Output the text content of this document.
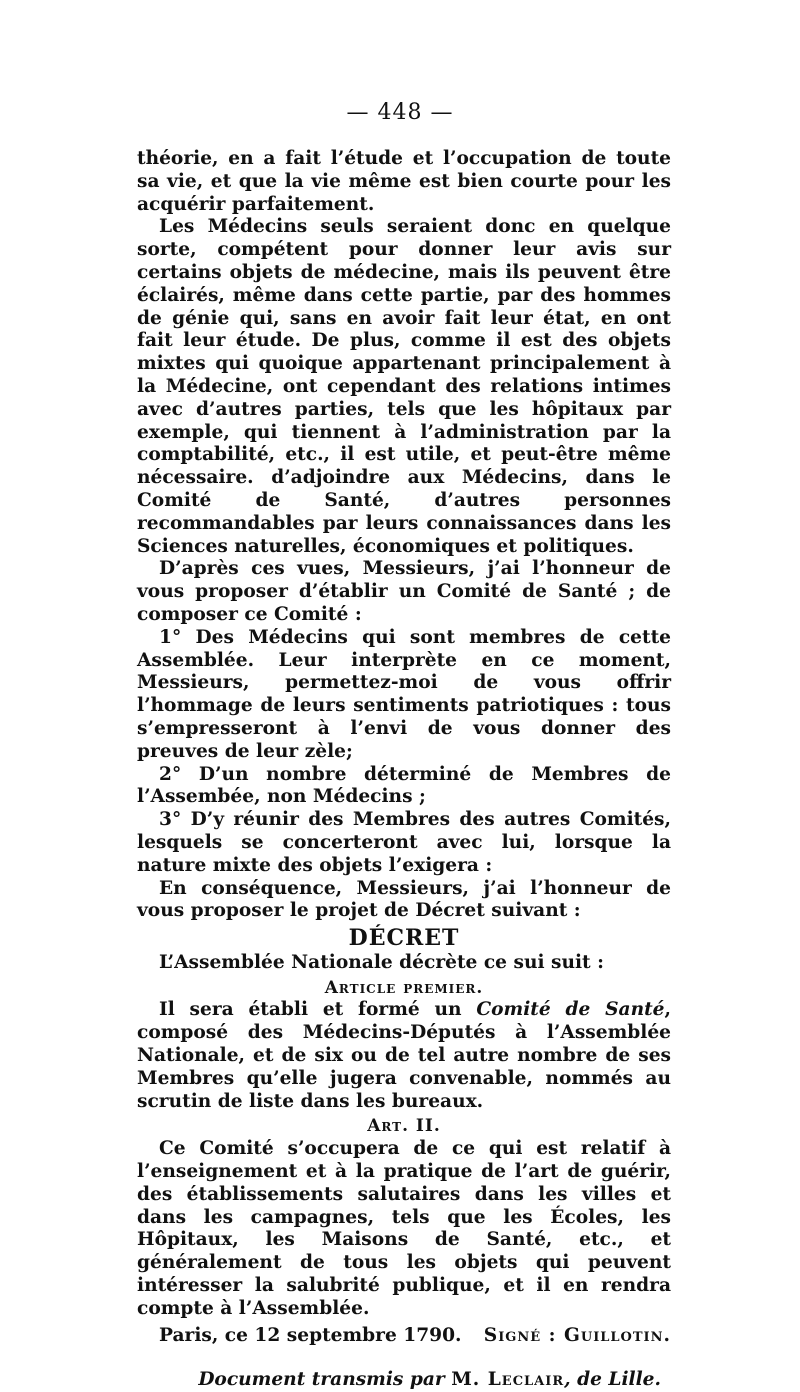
— 448 —

théorie, en a fait l’étude et l’occupation de toute sa vie, et que la vie même est bien courte pour les acquérir parfaitement.

Les Médecins seuls seraient donc en quelque sorte, compétent pour donner leur avis sur certains objets de médecine, mais ils peuvent être éclairés, même dans cette partie, par des hommes de génie qui, sans en avoir fait leur état, en ont fait leur étude. De plus, comme il est des objets mixtes qui quoique appartenant principalement à la Médecine, ont cependant des relations intimes avec d’autres parties, tels que les hôpitaux par exemple, qui tiennent à l’administration par la comptabilité, etc., il est utile, et peut-être même nécessaire. d’adjoindre aux Médecins, dans le Comité de Santé, d’autres personnes recommandables par leurs connaissances dans les Sciences naturelles, économiques et politiques.

D’après ces vues, Messieurs, j’ai l’honneur de vous proposer d’établir un Comité de Santé ; de composer ce Comité :

1° Des Médecins qui sont membres de cette Assemblée. Leur interprète en ce moment, Messieurs, permettez-moi de vous offrir l’hommage de leurs sentiments patriotiques : tous s’empresseront à l’envi de vous donner des preuves de leur zèle;

2° D’un nombre déterminé de Membres de l’Assembée, non Médecins ;

3° D’y réunir des Membres des autres Comités, lesquels se concerteront avec lui, lorsque la nature mixte des objets l’exigera :

En conséquence, Messieurs, j’ai l’honneur de vous proposer le projet de Décret suivant :

DÉCRET

L’Assemblée Nationale décrète ce sui suit :

Article premier.

Il sera établi et formé un Comité de Santé, composé des Médecins-Députés à l’Assemblée Nationale, et de six ou de tel autre nombre de ses Membres qu’elle jugera convenable, nommés au scrutin de liste dans les bureaux.

Art. II.

Ce Comité s’occupera de ce qui est relatif à l’enseignement et à la pratique de l’art de guérir, des établissements salutaires dans les villes et dans les campagnes, tels que les Écoles, les Hôpitaux, les Maisons de Santé, etc., et généralement de tous les objets qui peuvent intéresser la salubrité publique, et il en rendra compte à l’Assemblée.

Paris, ce 12 septembre 1790.	Signé : Guillotin.

Document transmis par M. Leclair, de Lille.
